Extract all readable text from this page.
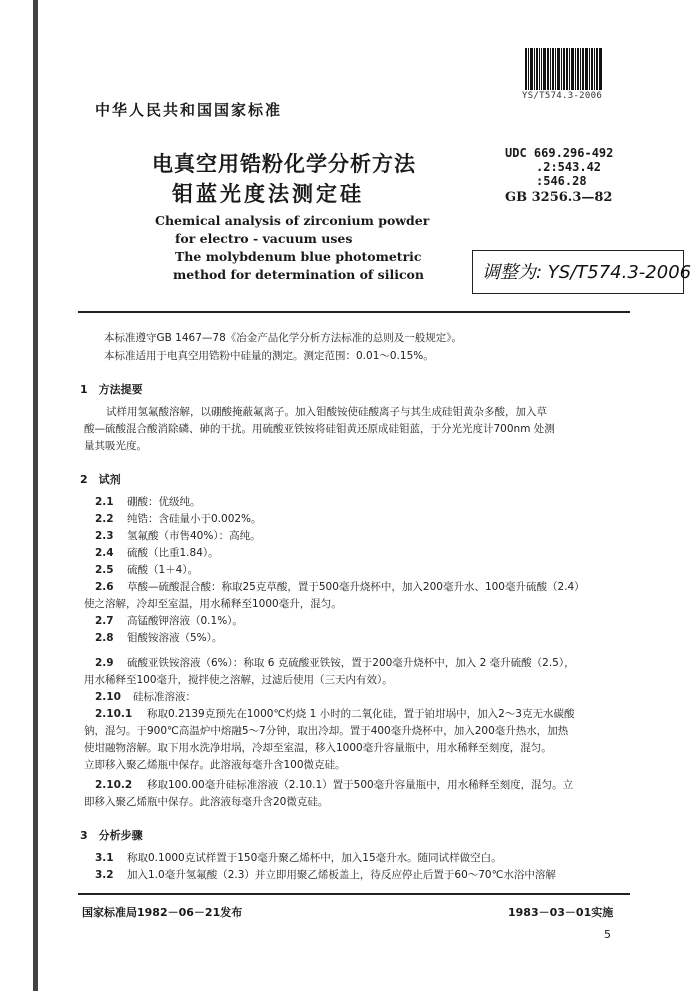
YS/T574.3-2006
中华人民共和国国家标准
电真空用锆粉化学分析方法
钼蓝光度法测定硅
Chemical analysis of zirconium powder
for electro - vacuum uses
The molybdenum blue photometric
method for determination of silicon
UDC 669.296-492
.2:543.42
:546.28
GB 3256.3—82
调整为: YS/T574.3-2006
本标准遵守GB 1467—78《冶金产品化学分析方法标准的总则及一般规定》。
本标准适用于电真空用锆粉中硅量的测定。测定范围：0.01～0.15%。
1　方法提要
试样用氢氟酸溶解，以硼酸掩蔽氟离子。加入钼酸铵使硅酸离子与其生成硅钼黄杂多酸，加入草
酸—硫酸混合酸消除磷、砷的干扰。用硫酸亚铁铵将硅钼黄还原成硅钼蓝，于分光光度计700nm 处测
量其吸光度。
2　试剂
2.1 硼酸：优级纯。
2.2 纯锆：含硅量小于0.002%。
2.3 氢氟酸（市售40%）：高纯。
2.4 硫酸（比重1.84）。
2.5 硫酸（1＋4）。
2.6 草酸—硫酸混合酸：称取25克草酸，置于500毫升烧杯中，加入200毫升水、100毫升硫酸（2.4）
使之溶解，冷却至室温，用水稀释至1000毫升，混匀。
2.7 高锰酸钾溶液（0.1%）。
2.8 钼酸铵溶液（5%）。
2.9 硫酸亚铁铵溶液（6%）：称取 6 克硫酸亚铁铵，置于200毫升烧杯中，加入 2 毫升硫酸（2.5），
用水稀释至100毫升，搅拌使之溶解，过滤后使用（三天内有效）。
2.10 硅标准溶液：
2.10.1 称取0.2139克预先在1000℃灼烧 1 小时的二氧化硅，置于铂坩埚中，加入2～3克无水碳酸
钠，混匀。于900℃高温炉中熔融5～7分钟，取出冷却。置于400毫升烧杯中，加入200毫升热水，加热
使坩融物溶解。取下用水洗净坩埚，冷却至室温，移入1000毫升容量瓶中，用水稀释至刻度，混匀。
立即移入聚乙烯瓶中保存。此溶液每毫升含100微克硅。
2.10.2 移取100.00毫升硅标准溶液（2.10.1）置于500毫升容量瓶中，用水稀释至刻度，混匀。立
即移入聚乙烯瓶中保存。此溶液每毫升含20微克硅。
3　分析步骤
3.1 称取0.1000克试样置于150毫升聚乙烯杯中，加入15毫升水。随同试样做空白。
3.2 加入1.0毫升氢氟酸（2.3）并立即用聚乙烯板盖上，待反应停止后置于60～70℃水浴中溶解
国家标准局1982－06－21发布	1983－03－01实施
5
